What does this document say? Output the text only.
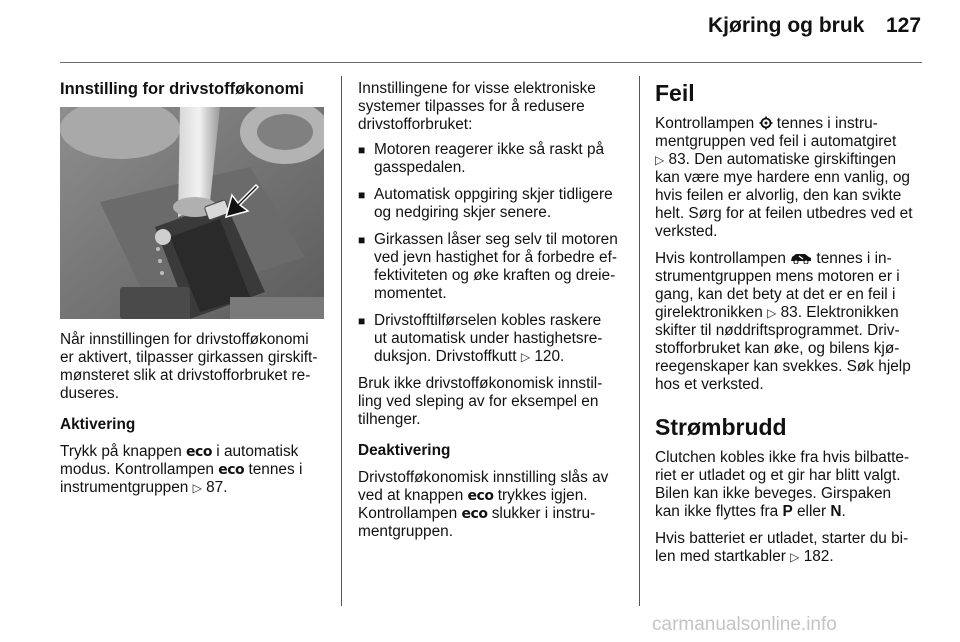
Kjøring og bruk 127

Innstilling for drivstofføkonomi

Når innstillingen for drivstofføkonomi
er aktivert, tilpasser girkassen girskift-
mønsteret slik at drivstofforbruket re-
duseres.

Aktivering

Trykk på knappen eco i automatisk
modus. Kontrollampen eco tennes i
instrumentgruppen ▷ 87.

Innstillingene for visse elektroniske
systemer tilpasses for å redusere
drivstofforbruket:

■ Motoren reagerer ikke så raskt på
gasspedalen.
■ Automatisk oppgiring skjer tidligere
og nedgiring skjer senere.
■ Girkassen låser seg selv til motoren
ved jevn hastighet for å forbedre ef-
fektiviteten og øke kraften og dreie-
momentet.
■ Drivstofftilførselen kobles raskere
ut automatisk under hastighetsre-
duksjon. Drivstoffkutt ▷ 120.

Bruk ikke drivstofføkonomisk innstil-
ling ved sleping av for eksempel en
tilhenger.

Deaktivering

Drivstofføkonomisk innstilling slås av
ved at knappen eco trykkes igjen.
Kontrollampen eco slukker i instru-
mentgruppen.

Feil

Kontrollampen  tennes i instru-
mentgruppen ved feil i automatgiret
▷ 83. Den automatiske girskiftingen
kan være mye hardere enn vanlig, og
hvis feilen er alvorlig, den kan svikte
helt. Sørg for at feilen utbedres ved et
verksted.

Hvis kontrollampen  tennes i in-
strumentgruppen mens motoren er i
gang, kan det bety at det er en feil i
girelektronikken ▷ 83. Elektronikken
skifter til nøddriftsprogrammet. Driv-
stofforbruket kan øke, og bilens kjø-
reegenskaper kan svekkes. Søk hjelp
hos et verksted.

Strømbrudd

Clutchen kobles ikke fra hvis bilbatte-
riet er utladet og et gir har blitt valgt.
Bilen kan ikke beveges. Girspaken
kan ikke flyttes fra P eller N.

Hvis batteriet er utladet, starter du bi-
len med startkabler ▷ 182.

carmanualsonline.info
